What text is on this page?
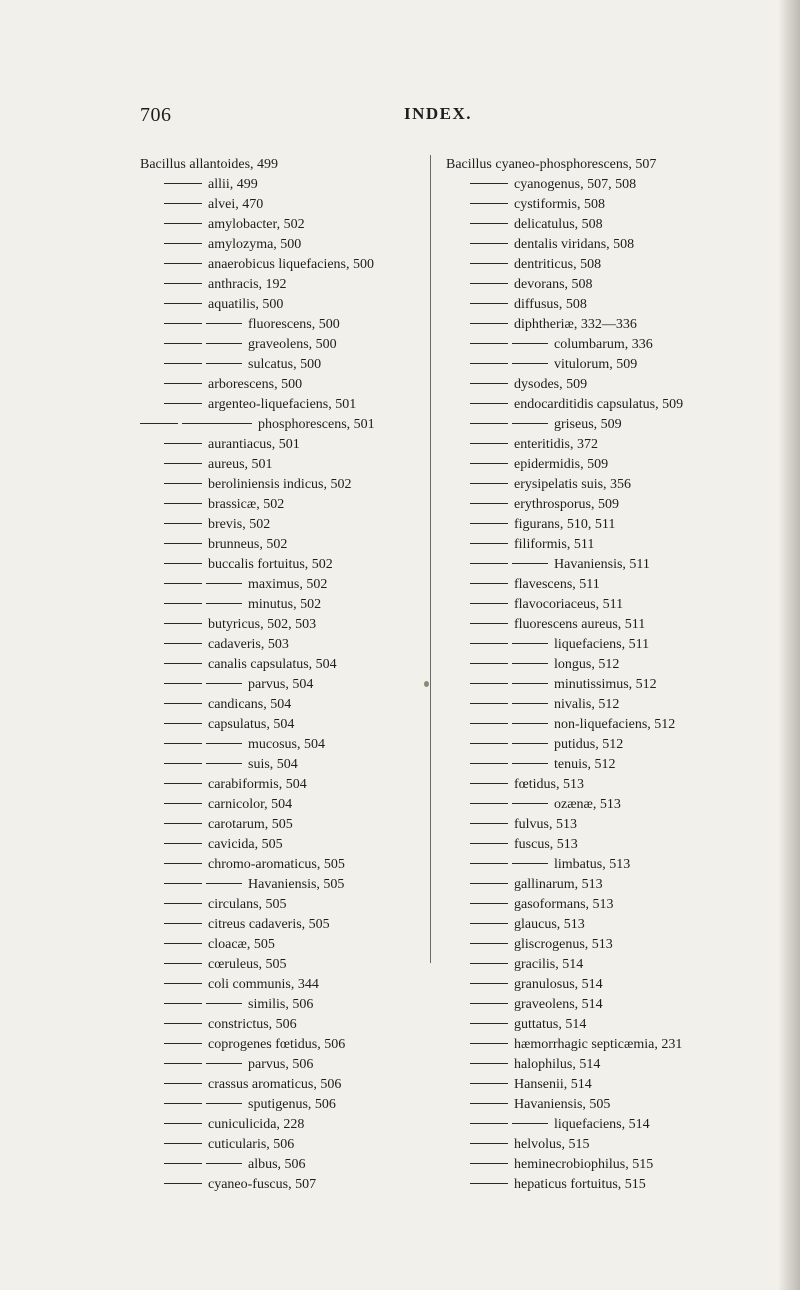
706	INDEX.
Bacillus allantoides, 499
allii, 499
alvei, 470
amylobacter, 502
amylozyma, 500
anaerobicus liquefaciens, 500
anthracis, 192
aquatilis, 500
fluorescens, 500
graveolens, 500
sulcatus, 500
arborescens, 500
argenteo-liquefaciens, 501
phosphorescens, 501
aurantiacus, 501
aureus, 501
beroliniensis indicus, 502
brassicæ, 502
brevis, 502
brunneus, 502
buccalis fortuitus, 502
maximus, 502
minutus, 502
butyricus, 502, 503
cadaveris, 503
canalis capsulatus, 504
parvus, 504
candicans, 504
capsulatus, 504
mucosus, 504
suis, 504
carabiformis, 504
carnicolor, 504
carotarum, 505
cavicida, 505
chromo-aromaticus, 505
Havaniensis, 505
circulans, 505
citreus cadaveris, 505
cloacæ, 505
cœruleus, 505
coli communis, 344
similis, 506
constrictus, 506
coprogenes fœtidus, 506
parvus, 506
crassus aromaticus, 506
sputigenus, 506
cuniculicida, 228
cuticularis, 506
albus, 506
cyaneo-fuscus, 507
Bacillus cyaneo-phosphorescens, 507
cyanogenus, 507, 508
cystiformis, 508
delicatulus, 508
dentalis viridans, 508
dentriticus, 508
devorans, 508
diffusus, 508
diphtheriæ, 332—336
columbarum, 336
vitulorum, 509
dysodes, 509
endocarditidis capsulatus, 509
griseus, 509
enteritidis, 372
epidermidis, 509
erysipelatis suis, 356
erythrosporus, 509
figurans, 510, 511
filiformis, 511
Havaniensis, 511
flavescens, 511
flavocoriaceus, 511
fluorescens aureus, 511
liquefaciens, 511
longus, 512
minutissimus, 512
nivalis, 512
non-liquefaciens, 512
putidus, 512
tenuis, 512
fœtidus, 513
ozænæ, 513
fulvus, 513
fuscus, 513
limbatus, 513
gallinarum, 513
gasoformans, 513
glaucus, 513
gliscrogenus, 513
gracilis, 514
granulosus, 514
graveolens, 514
guttatus, 514
hæmorrhagic septicæmia, 231
halophilus, 514
Hansenii, 514
Havaniensis, 505
liquefaciens, 514
helvolus, 515
heminecrobiophilus, 515
hepaticus fortuitus, 515
